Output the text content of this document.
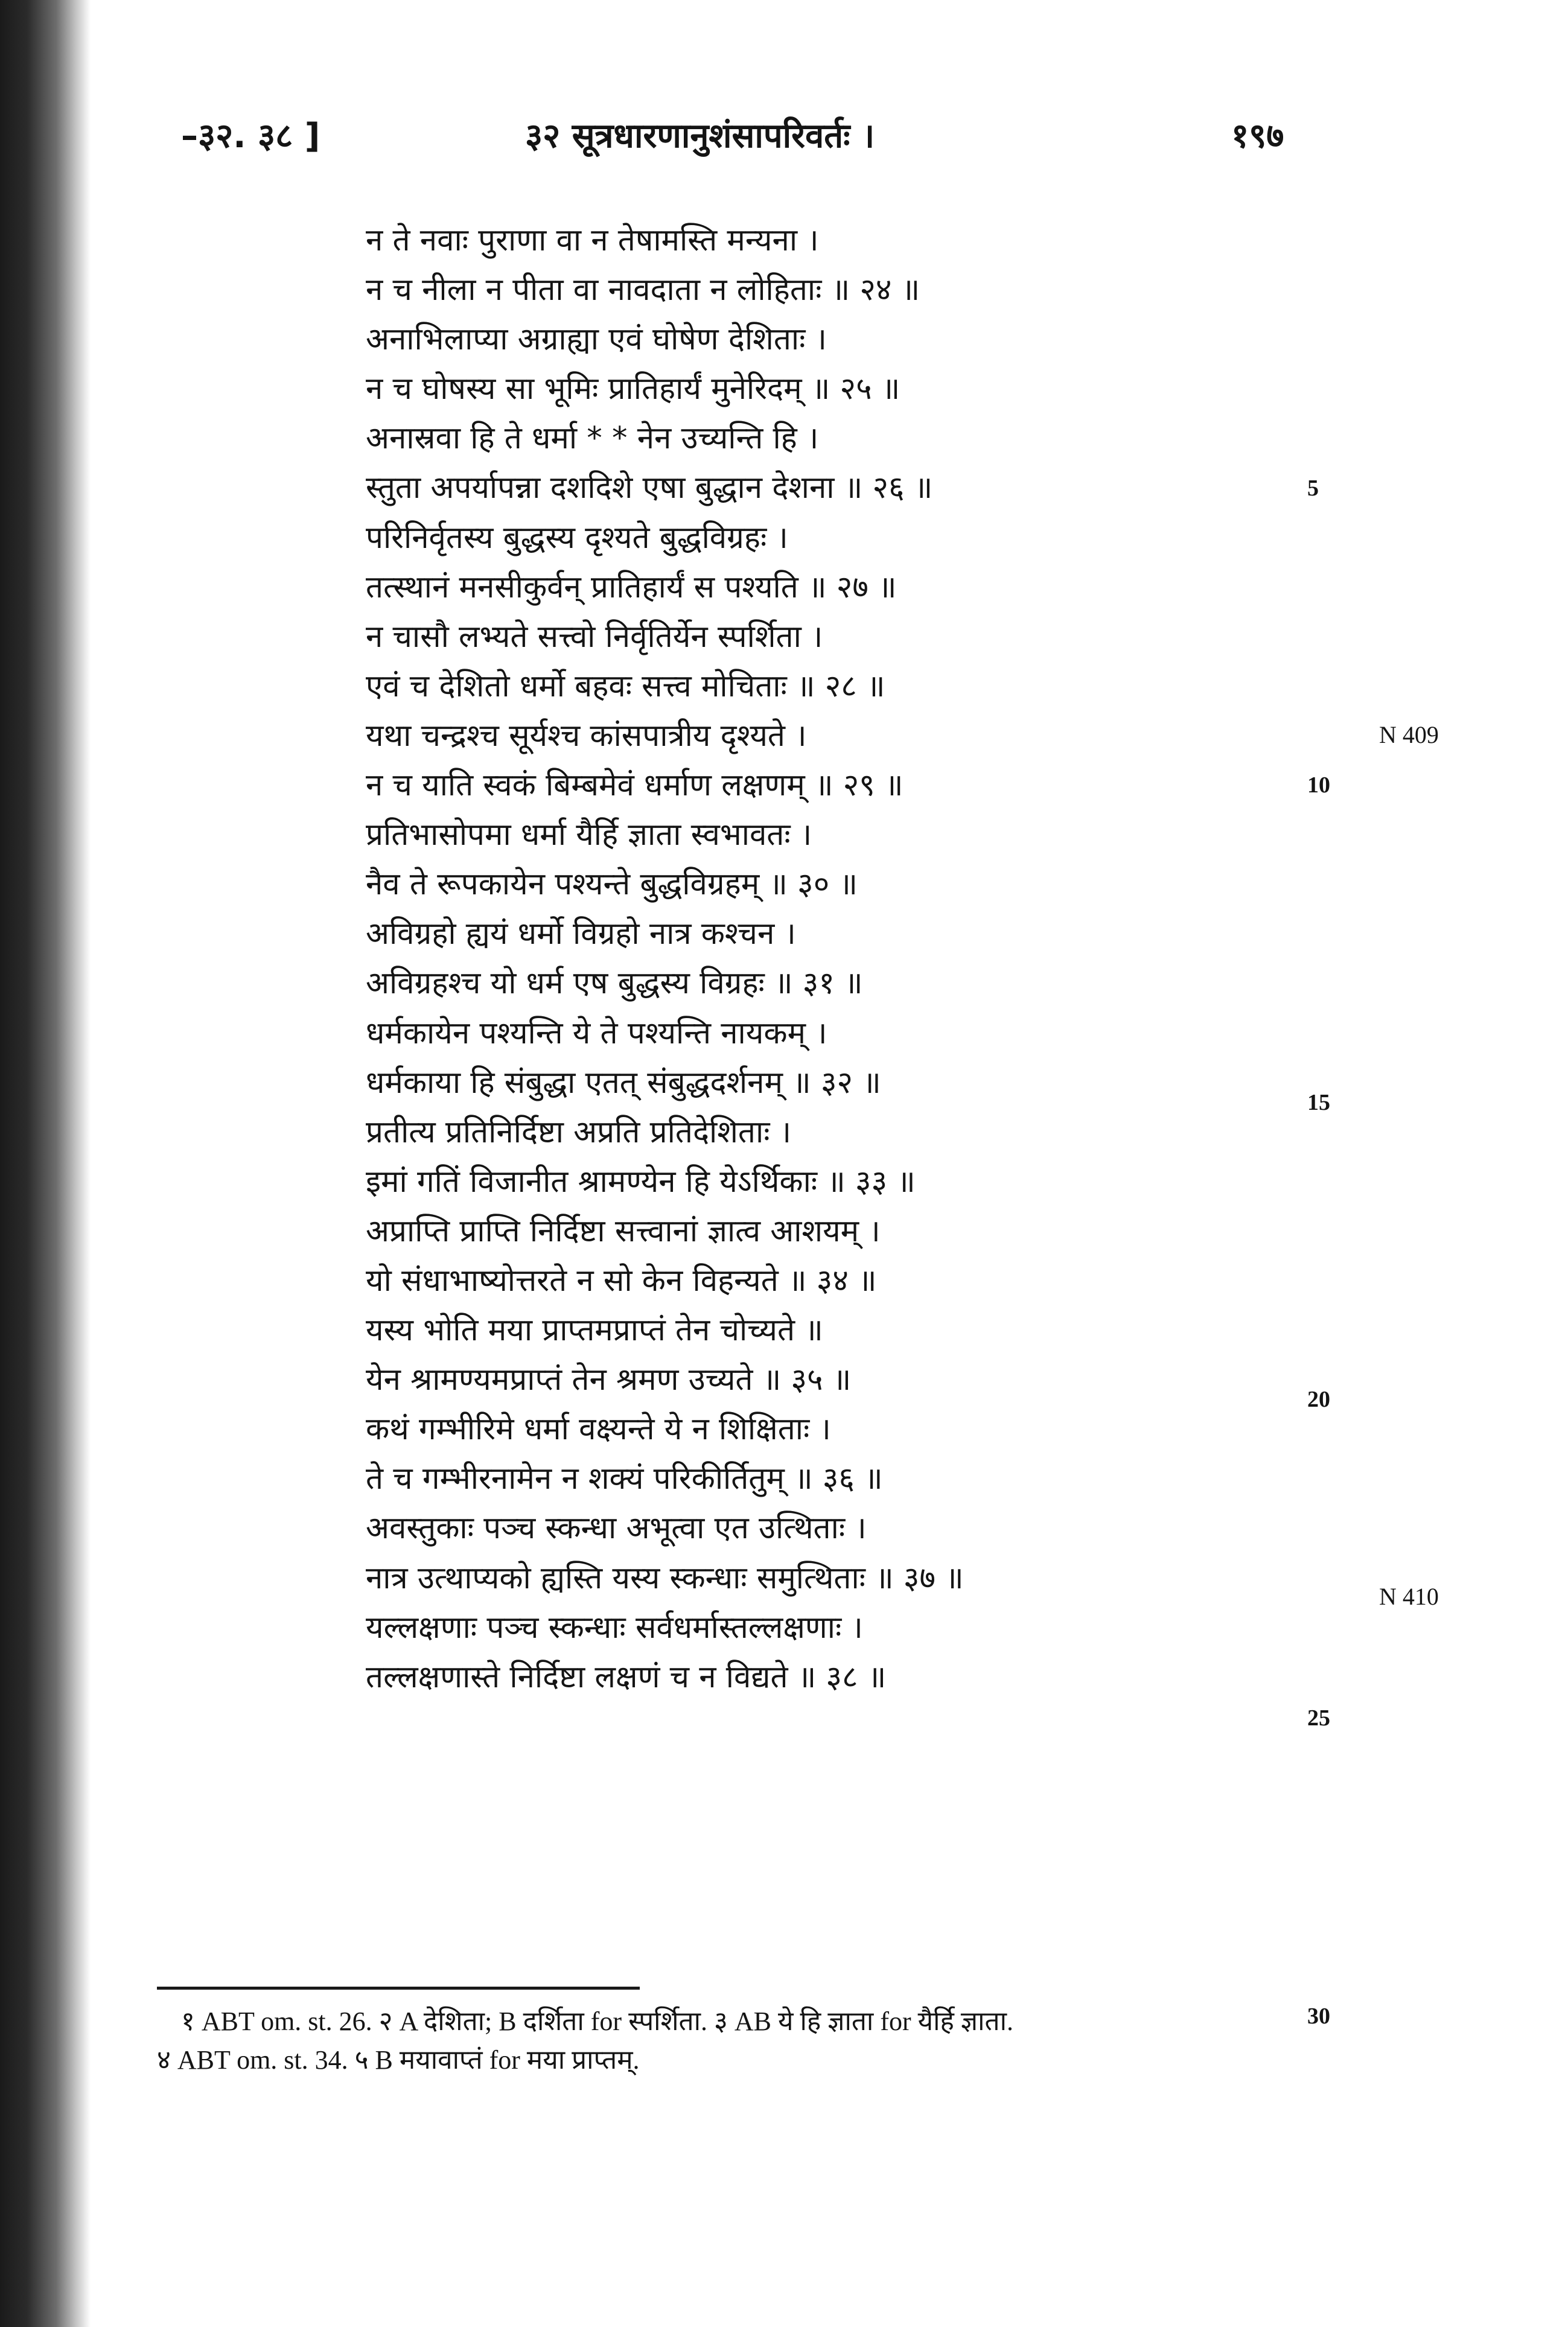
–३२. ३८ ]	३२ सूत्रधारणानुशंसापरिवर्तः ।	१९७
न ते नवाः पुराणा वा न तेषामस्ति मन्यना ।
न च नीला न पीता वा नावदाता न लोहिताः ॥ २४ ॥
अनाभिलाप्या अग्राह्या एवं घोषेण देशिताः ।
न च घोषस्य सा भूमिः प्रातिहार्यं मुनेरिदम् ॥ २५ ॥
अनास्रवा हि ते धर्मा * * नेन उच्यन्ति हि ।
स्तुता अपर्यापन्ना दशदिशे एषा बुद्धान देशना ॥ २६ ॥
परिनिर्वृतस्य बुद्धस्य दृश्यते बुद्धविग्रहः ।
तत्स्थानं मनसीकुर्वन् प्रातिहार्यं स पश्यति ॥ २७ ॥
न चासौ लभ्यते सत्त्वो निर्वृतिर्येन स्पर्शिता ।
एवं च देशितो धर्मो बहवः सत्त्व मोचिताः ॥ २८ ॥
यथा चन्द्रश्च सूर्यश्च कांसपात्रीय दृश्यते ।
न च याति स्वकं बिम्बमेवं धर्माण लक्षणम् ॥ २९ ॥
प्रतिभासोपमा धर्मा यैर्हि ज्ञाता स्वभावतः ।
नैव ते रूपकायेन पश्यन्ते बुद्धविग्रहम् ॥ ३० ॥
अविग्रहो ह्ययं धर्मो विग्रहो नात्र कश्चन ।
अविग्रहश्च यो धर्म एष बुद्धस्य विग्रहः ॥ ३१ ॥
धर्मकायेन पश्यन्ति ये ते पश्यन्ति नायकम् ।
धर्मकाया हि संबुद्धा एतत् संबुद्धदर्शनम् ॥ ३२ ॥
प्रतीत्य प्रतिनिर्दिष्टा अप्रति प्रतिदेशिताः ।
इमां गतिं विजानीत श्रामण्येन हि येऽर्थिकाः ॥ ३३ ॥
अप्राप्ति प्राप्ति निर्दिष्टा सत्त्वानां ज्ञात्व आशयम् ।
यो संधाभाष्योत्तरते न सो केन विहन्यते ॥ ३४ ॥
यस्य भोति मया प्राप्तमप्राप्तं तेन चोच्यते ॥
येन श्रामण्यमप्राप्तं तेन श्रमण उच्यते ॥ ३५ ॥
कथं गम्भीरिमे धर्मा वक्ष्यन्ते ये न शिक्षिताः ।
ते च गम्भीरनामेन न शक्यं परिकीर्तितुम् ॥ ३६ ॥
अवस्तुकाः पञ्च स्कन्धा अभूत्वा एत उत्थिताः ।
नात्र उत्थाप्यको ह्यस्ति यस्य स्कन्धाः समुत्थिताः ॥ ३७ ॥
यल्लक्षणाः पञ्च स्कन्धाः सर्वधर्मास्तल्लक्षणाः ।
तल्लक्षणास्ते निर्दिष्टा लक्षणं च न विद्यते ॥ ३८ ॥
5
10
15
20
25
30
N 409
N 410
१ ABT om. st. 26. २ A देशिता; B दर्शिता for स्पर्शिता. ३ AB ये हि ज्ञाता for यैर्हि ज्ञाता.
४ ABT om. st. 34. ५ B मयावाप्तं for मया प्राप्तम्.
